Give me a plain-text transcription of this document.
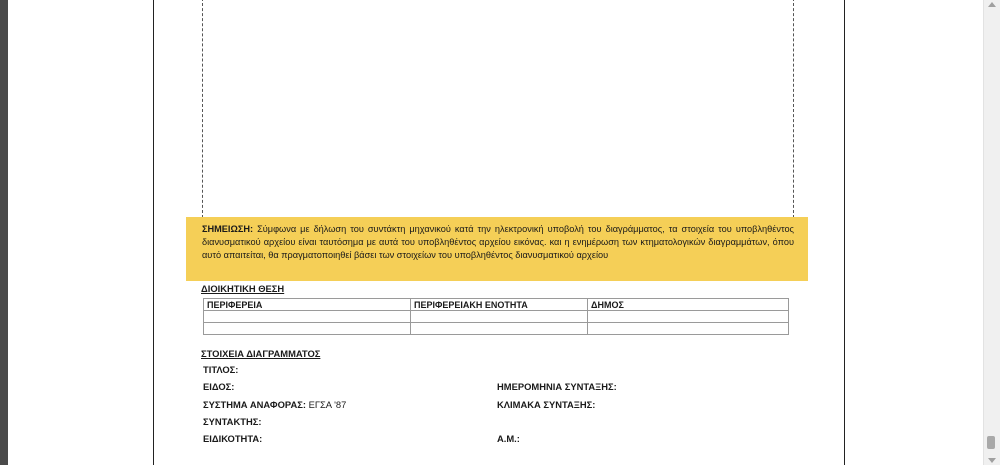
ΣΗΜΕΙΩΣΗ: Σύμφωνα με δήλωση του συντάκτη μηχανικού κατά την ηλεκτρονική υποβολή του διαγράμματος, τα στοιχεία του υποβληθέντος διανυσματικού αρχείου είναι ταυτόσημα με αυτά του υποβληθέντος αρχείου εικόνας. και η ενημέρωση των κτηματολογικών διαγραμμάτων, όπου αυτό απαιτείται, θα πραγματοποιηθεί βάσει των στοιχείων του υποβληθέντος διανυσματικού αρχείου
ΔΙΟΙΚΗΤΙΚΗ ΘΕΣΗ
ΠΕΡΙΦΕΡΕΙΑ	ΠΕΡΙΦΕΡΕΙΑΚΗ ΕΝΟΤΗΤΑ	ΔΗΜΟΣ

ΣΤΟΙΧΕΙΑ ΔΙΑΓΡΑΜΜΑΤΟΣ
ΤΙΤΛΟΣ:
ΕΙΔΟΣ:	ΗΜΕΡΟΜΗΝΙΑ ΣΥΝΤΑΞΗΣ:
ΣΥΣΤΗΜΑ ΑΝΑΦΟΡΑΣ: ΕΓΣΑ '87	ΚΛΙΜΑΚΑ ΣΥΝΤΑΞΗΣ:
ΣΥΝΤΑΚΤΗΣ:
ΕΙΔΙΚΟΤΗΤΑ:	Α.Μ.:
